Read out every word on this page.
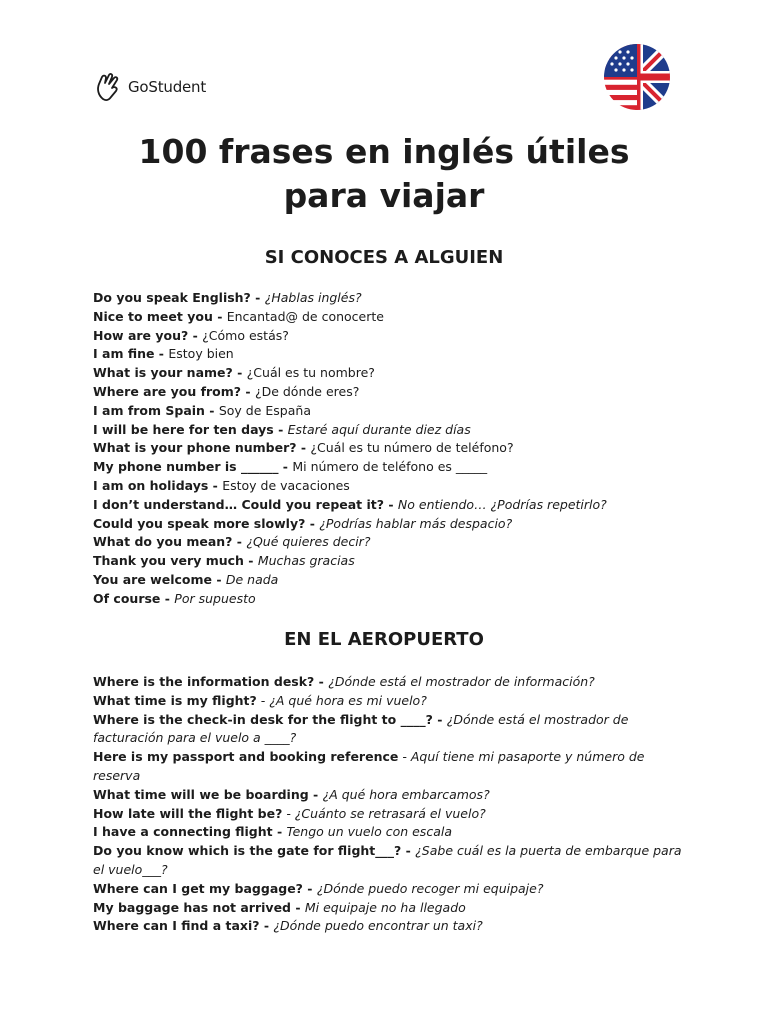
GoStudent
100 frases en inglés útiles
para viajar
SI CONOCES A ALGUIEN
Do you speak English? - ¿Hablas inglés?
Nice to meet you - Encantad@ de conocerte
How are you? - ¿Cómo estás?
I am fine - Estoy bien
What is your name? - ¿Cuál es tu nombre?
Where are you from? - ¿De dónde eres?
I am from Spain - Soy de España
I will be here for ten days - Estaré aquí durante diez días
What is your phone number? - ¿Cuál es tu número de teléfono?
My phone number is ______ - Mi número de teléfono es _____
I am on holidays - Estoy de vacaciones
I don’t understand… Could you repeat it? - No entiendo… ¿Podrías repetirlo?
Could you speak more slowly? - ¿Podrías hablar más despacio?
What do you mean? - ¿Qué quieres decir?
Thank you very much - Muchas gracias
You are welcome - De nada
Of course - Por supuesto
EN EL AEROPUERTO
Where is the information desk? - ¿Dónde está el mostrador de información?
What time is my flight? - ¿A qué hora es mi vuelo?
Where is the check-in desk for the flight to ____? - ¿Dónde está el mostrador de facturación para el vuelo a ____?
Here is my passport and booking reference - Aquí tiene mi pasaporte y número de reserva
What time will we be boarding - ¿A qué hora embarcamos?
How late will the flight be? - ¿Cuánto se retrasará el vuelo?
I have a connecting flight - Tengo un vuelo con escala
Do you know which is the gate for flight___? - ¿Sabe cuál es la puerta de embarque para el vuelo___?
Where can I get my baggage? - ¿Dónde puedo recoger mi equipaje?
My baggage has not arrived - Mi equipaje no ha llegado
Where can I find a taxi? - ¿Dónde puedo encontrar un taxi?
